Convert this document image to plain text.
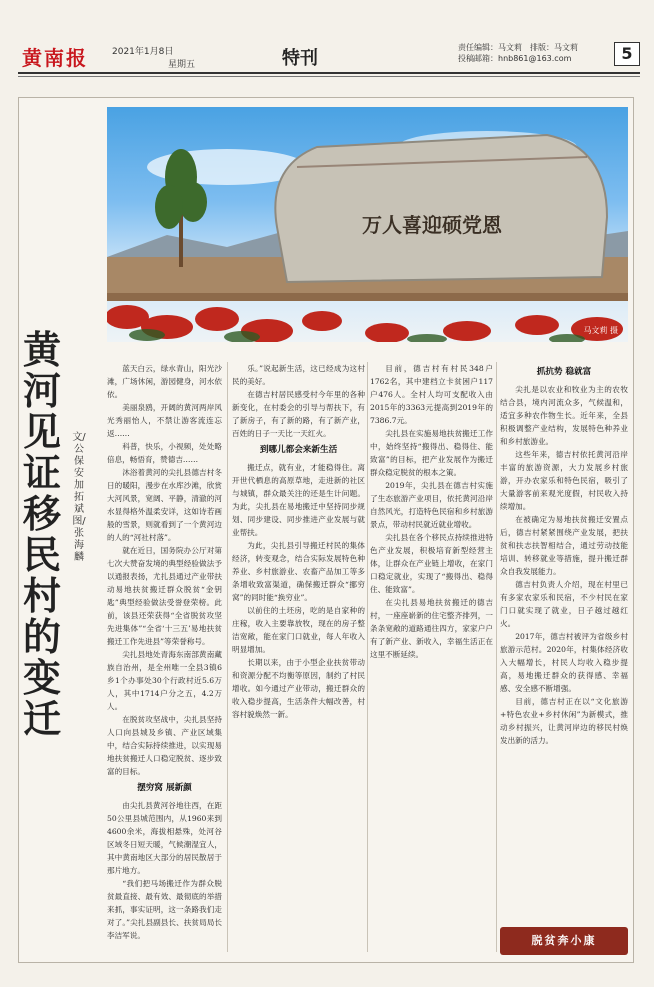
黄南报	2021年1月8日
星期五	特刊
责任编辑：马文莉　排版：马文莉
投稿邮箱：hnb861@163.com	5
万人喜迎硕党恩
马文莉 摄
黄河见证移民村的变迁
文/公保安加 拓斌 图/张海麟

蓝天白云，绿水青山，阳光沙滩，广场休闲，游园健身，河水依依。

美丽泉鸥，开阔的黄河两岸风光秀丽怡人，不禁让游客流连忘返……

科普，快乐，小视频，处处略倍息，畅悟育，赞德吉……

沐浴着黄河的尖扎县德吉村冬日的暖阳，漫步在水库沙滩，欣赏大河风景，宽阔、平静，清澈的河水显得格外温柔安详，这如诗若画般的雪景，则就看到了一个黄河边的人的“河社村落”。

就在近日，国务院办公厅对第七次大赞奋发境的典型经验做法予以通报表扬，尤扎县通过产业带扶动易地扶贫搬迁群众脱贫“金钥匙”典型经验做法受誉登荣榜。此前，该县还荣获得“全省脱贫攻坚先进集体”“全省‘十三五’易地扶贫搬迁工作先进县”等荣誉称号。

尖扎县地处青海东南部黄南藏族自治州，是全州唯一全县3镇6乡1个办事处30个行政村近5.6万人，其中1714户分之五，4.2万人。

在脱贫攻坚战中，尖扎县坚持人口向县城及乡镇、产业区域集中，结合实际持续推进，以实现易地扶贫搬迁人口稳定脱贫、逐步致富的目标。

摆穷窝 展新颜

由尖扎县黄河谷地往西，在距50公里县城范围内，从1960来到4600余米，海拔相悬殊，处河谷区域冬日短天暖，气候潮湿宜人，其中黄南地区大部分的居民散居于那片地方。

“我们把马场搬迁作为群众脱贫最直接、最有效、最彻底的举措来抓，事实证明，这一条路我们走对了。”尖扎县副县长、扶贫局局长李洁军说。

乐。”说起新生活，这已经成为这村民的美好。

在德吉村居民感受村今年里的各种新变化，在村委会的引导与帮扶下，有了新房子，有了新的路，有了新产业，百姓的日子一天比一天红火。

到哪儿都会来新生活

搬迁点，就有业，才能稳得住。离开世代栖息的高原草地，走进新的社区与城镇，群众最关注的还是生计问题。为此，尖扎县在易地搬迁中坚持同步规划、同步建设、同步推进产业发展与就业帮扶。

为此，尖扎县引导搬迁村民的集体经济，转变观念，结合实际发展特色种养业、乡村旅游业、农畜产品加工等多条增收致富渠道，确保搬迁群众“挪穷窝”的同时能“换穷业”。

以前住的土坯房，吃的是自家种的庄稼，收入主要靠放牧，现在的房子整洁宽敞，能在家门口就业，每人年收入明显增加。

长期以来，由于小型企业扶贫带动和资源分配不均衡等原因，制约了村民增收。如今通过产业带动，搬迁群众的收入稳步提高，生活条件大幅改善，村容村貌焕然一新。

目前，德吉村有村民348户1762名，其中建档立卡贫困户117户476人。全村人均可支配收入由2015年的3363元提高到2019年的7386.7元。

尖扎县在实施易地扶贫搬迁工作中，始终坚持“搬得出、稳得住、能致富”的目标，把产业发展作为搬迁群众稳定脱贫的根本之策。

2019年，尖扎县在德吉村实施了生态旅游产业项目，依托黄河沿岸自然风光，打造特色民宿和乡村旅游景点，带动村民就近就业增收。

尖扎县在各个移民点持续推进特色产业发展，积极培育新型经营主体，让群众在产业链上增收，在家门口稳定就业，实现了“搬得出、稳得住、能致富”。

在尖扎县易地扶贫搬迁的德吉村，一座座崭新的住宅整齐排列，一条条宽敞的道路通往四方，家家户户有了新产业、新收入，幸福生活正在这里不断延续。

抓抗势 稳就富

尖扎是以农业和牧业为主的农牧结合县，境内河流众多，气候温和，适宜多种农作物生长。近年来，全县积极调整产业结构，发展特色种养业和乡村旅游业。

这些年来，德吉村依托黄河沿岸丰富的旅游资源，大力发展乡村旅游，开办农家乐和特色民宿，吸引了大量游客前来观光度假，村民收入持续增加。

在被确定为易地扶贫搬迁安置点后，德吉村紧紧围绕产业发展，把扶贫和扶志扶智相结合，通过劳动技能培训、转移就业等措施，提升搬迁群众自我发展能力。

德吉村负责人介绍，现在村里已有多家农家乐和民宿，不少村民在家门口就实现了就业，日子越过越红火。

2017年，德吉村被评为省级乡村旅游示范村。2020年，村集体经济收入大幅增长，村民人均收入稳步提高，易地搬迁群众的获得感、幸福感、安全感不断增强。

目前，德吉村正在以“文化旅游+特色农业+乡村休闲”为新模式，推动乡村振兴，让黄河岸边的移民村焕发出新的活力。

脱贫奔小康
